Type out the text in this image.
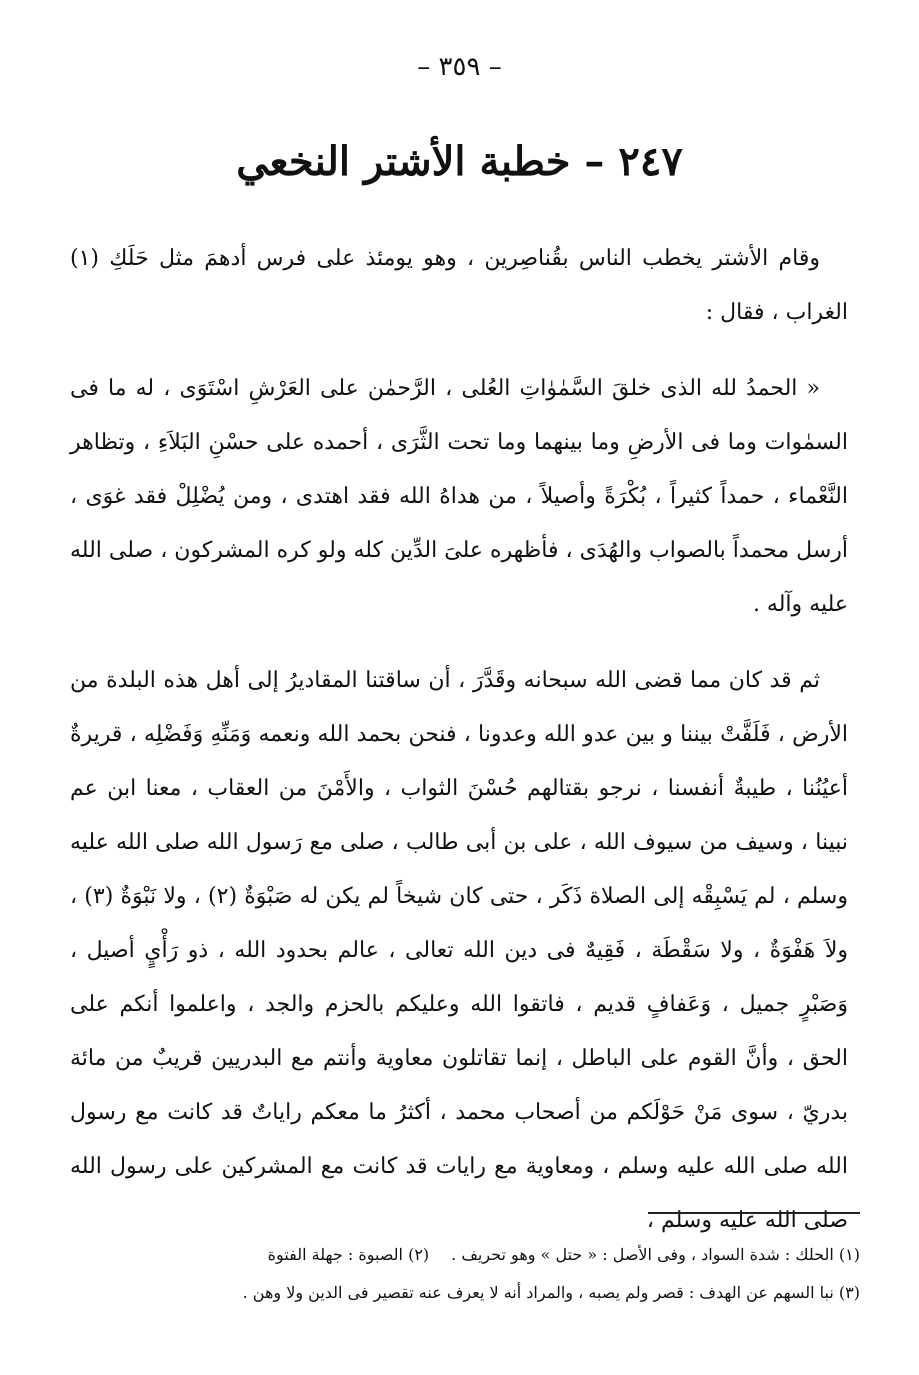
– ٣٥٩ –
٢٤٧ – خطبة الأشتر النخعي

وقام الأشتر يخطب الناس بقُناصِرين ، وهو يومئذ على فرس أدهمَ مثل حَلَكِ (١) الغراب ، فقال :

« الحمدُ لله الذى خلقَ السَّمٰوٰاتِ العُلى ، الرَّحمٰن على العَرْشِ اسْتَوَى ، له ما فى السمٰوات وما فى الأرضِ وما بينهما وما تحت الثَّرَى ، أحمده على حسْنِ البَلاَءِ ، وتظاهر النَّعْماء ، حمداً كثيراً ، بُكْرَةً وأصيلاً ، من هداهُ الله فقد اهتدى ، ومن يُضْلِلْ فقد غوَى ، أرسل محمداً بالصواب والهُدَى ، فأظهره علىَ الدِّين كله ولو كره المشركون ، صلى الله عليه وآله .

ثم قد كان مما قضى الله سبحانه وقَدَّرَ ، أن ساقتنا المقاديرُ إلى أهل هذه البلدة من الأرض ، فَلَفَّتْ بيننا و بين عدو الله وعدونا ، فنحن بحمد الله ونعمه وَمَنِّهِ وَفَضْلِه ، قريرةٌ أعيُنُنا ، طيبةٌ أنفسنا ، نرجو بقتالهم حُسْنَ الثواب ، والأَمْنَ من العقاب ، معنا ابن عم نبينا ، وسيف من سيوف الله ، على بن أبى طالب ، صلى مع رَسول الله صلى الله عليه وسلم ، لم يَسْبِقْه إلى الصلاة ذَكَر ، حتى كان شيخاً لم يكن له صَبْوَةٌ (٢) ، ولا نَبْوَةٌ (٣) ، ولاَ هَفْوَةٌ ، ولا سَقْطَة ، فَقِيهٌ فى دين الله تعالى ، عالم بحدود الله ، ذو رَأْيٍ أصيل ، وَصَبْرٍ جميل ، وَعَفافٍ قديم ، فاتقوا الله وعليكم بالحزم والجد ، واعلموا أنكم على الحق ، وأنَّ القوم على الباطل ، إنما تقاتلون معاوية وأنتم مع البدريين قريبٌ من مائة بدريّ ، سوى مَنْ حَوْلَكم من أصحاب محمد ، أكثرُ ما معكم راياتٌ قد كانت مع رسول الله صلى الله عليه وسلم ، ومعاوية مع رايات قد كانت مع المشركين على رسول الله صلى الله عليه وسلم ،

(١) الحلك : شدة السواد ، وفى الأصل : « حتل » وهو تحريف .(٢) الصبوة : جهلة الفتوة
(٣) نبا السهم عن الهدف : قصر ولم يصبه ، والمراد أنه لا يعرف عنه تقصير فى الدين ولا وهن .
